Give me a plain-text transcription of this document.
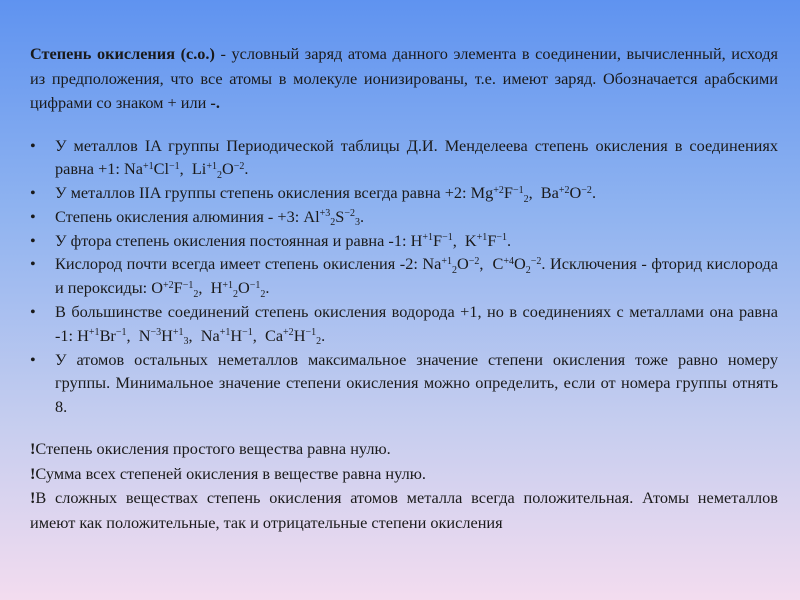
Степень окисления (с.о.) - условный заряд атома данного элемента в соединении, вычисленный, исходя из предположения, что все атомы в молекуле ионизированы, т.е. имеют заряд. Обозначается арабскими цифрами со знаком + или -.

• У металлов IA группы Периодической таблицы Д.И. Менделеева степень окисления в соединениях равна +1: $Na^{+1}Cl^{-1}$,  $Li^{+1}_2O^{-2}$.
• У металлов IIA группы степень окисления всегда равна +2: $Mg^{+2}F^{-1}_2$,  $Ba^{+2}O^{-2}$.
• Степень окисления алюминия - +3: $Al^{+3}_2S^{-2}_3$.
• У фтора степень окисления постоянная и равна -1: $H^{+1}F^{-1}$,  $K^{+1}F^{-1}$.
• Кислород почти всегда имеет степень окисления -2: $Na^{+1}_2O^{-2}$,  $C^{+4}O_2^{-2}$. Исключения - фторид кислорода и пероксиды: $O^{+2}F^{-1}_2$,  $H^{+1}_2O^{-1}_2$.
• В большинстве соединений степень окисления водорода +1, но в соединениях с металлами она равна -1: $H^{+1}Br^{-1}$,  $N^{-3}H^{+1}_3$,  $Na^{+1}H^{-1}$,  $Ca^{+2}H^{-1}_2$.
• У атомов остальных неметаллов максимальное значение степени окисления тоже равно номеру группы. Минимальное значение степени окисления можно определить, если от номера группы отнять 8.

!Степень окисления простого вещества равна нулю.

!Сумма всех степеней окисления в веществе равна нулю.

!В сложных веществах степень окисления атомов металла всегда положительная. Атомы неметаллов имеют как положительные, так и отрицательные степени окисления
